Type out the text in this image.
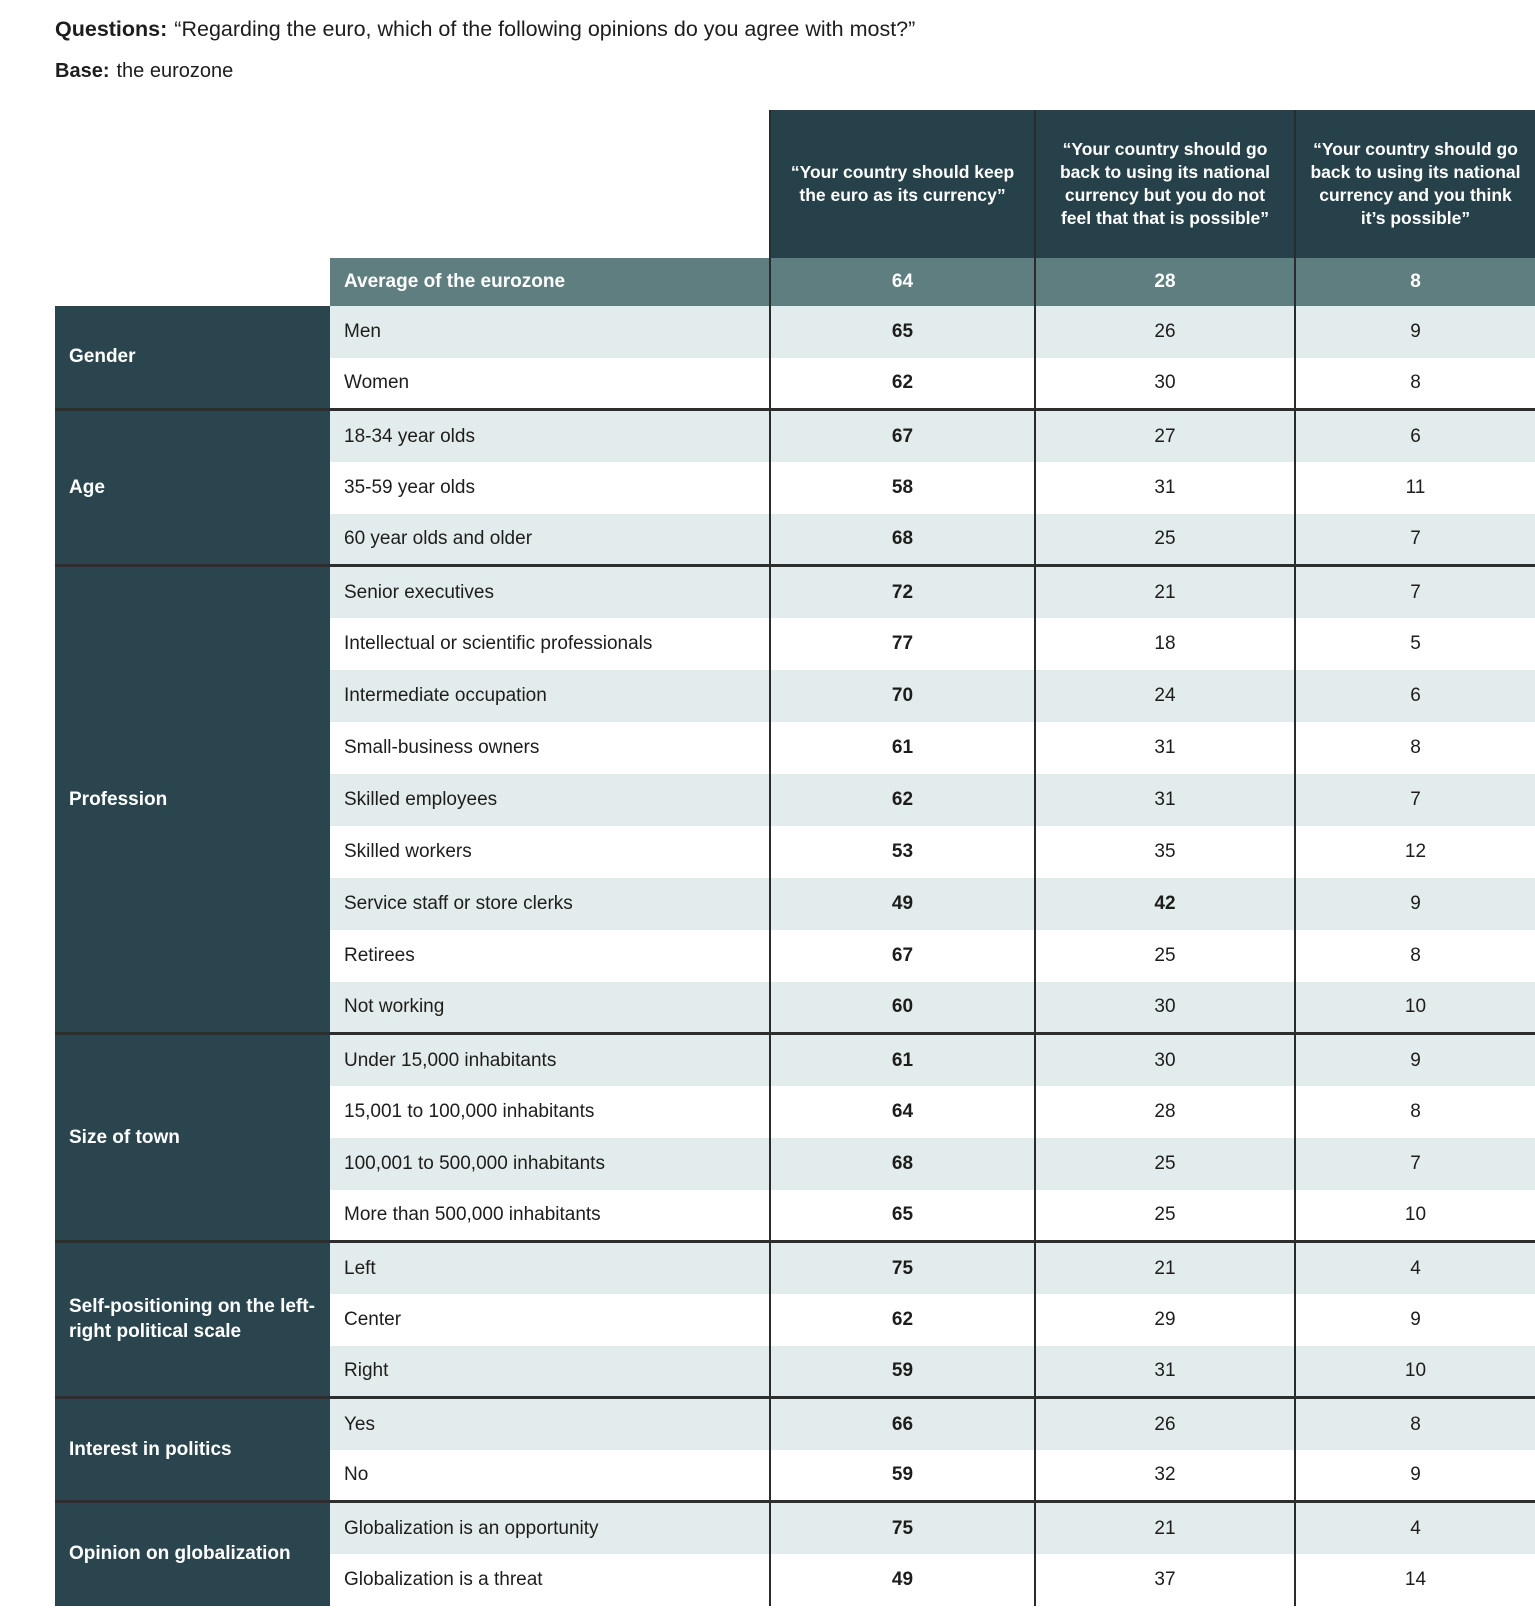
Questions: “Regarding the euro, which of the following opinions do you agree with most?”
Base: the eurozone
		“Your country should keep the euro as its currency”	“Your country should go back to using its national currency but you do not feel that that is possible”	“Your country should go back to using its national currency and you think it’s possible”
	Average of the eurozone	64	28	8
Gender	Men	65	26	9
	Women	62	30	8
Age	18-34 year olds	67	27	6
	35-59 year olds	58	31	11
	60 year olds and older	68	25	7
Profession	Senior executives	72	21	7
	Intellectual or scientific professionals	77	18	5
	Intermediate occupation	70	24	6
	Small-business owners	61	31	8
	Skilled employees	62	31	7
	Skilled workers	53	35	12
	Service staff or store clerks	49	42	9
	Retirees	67	25	8
	Not working	60	30	10
Size of town	Under 15,000 inhabitants	61	30	9
	15,001 to 100,000 inhabitants	64	28	8
	100,001 to 500,000 inhabitants	68	25	7
	More than 500,000 inhabitants	65	25	10
Self-positioning on the left-right political scale	Left	75	21	4
	Center	62	29	9
	Right	59	31	10
Interest in politics	Yes	66	26	8
	No	59	32	9
Opinion on globalization	Globalization is an opportunity	75	21	4
	Globalization is a threat	49	37	14
